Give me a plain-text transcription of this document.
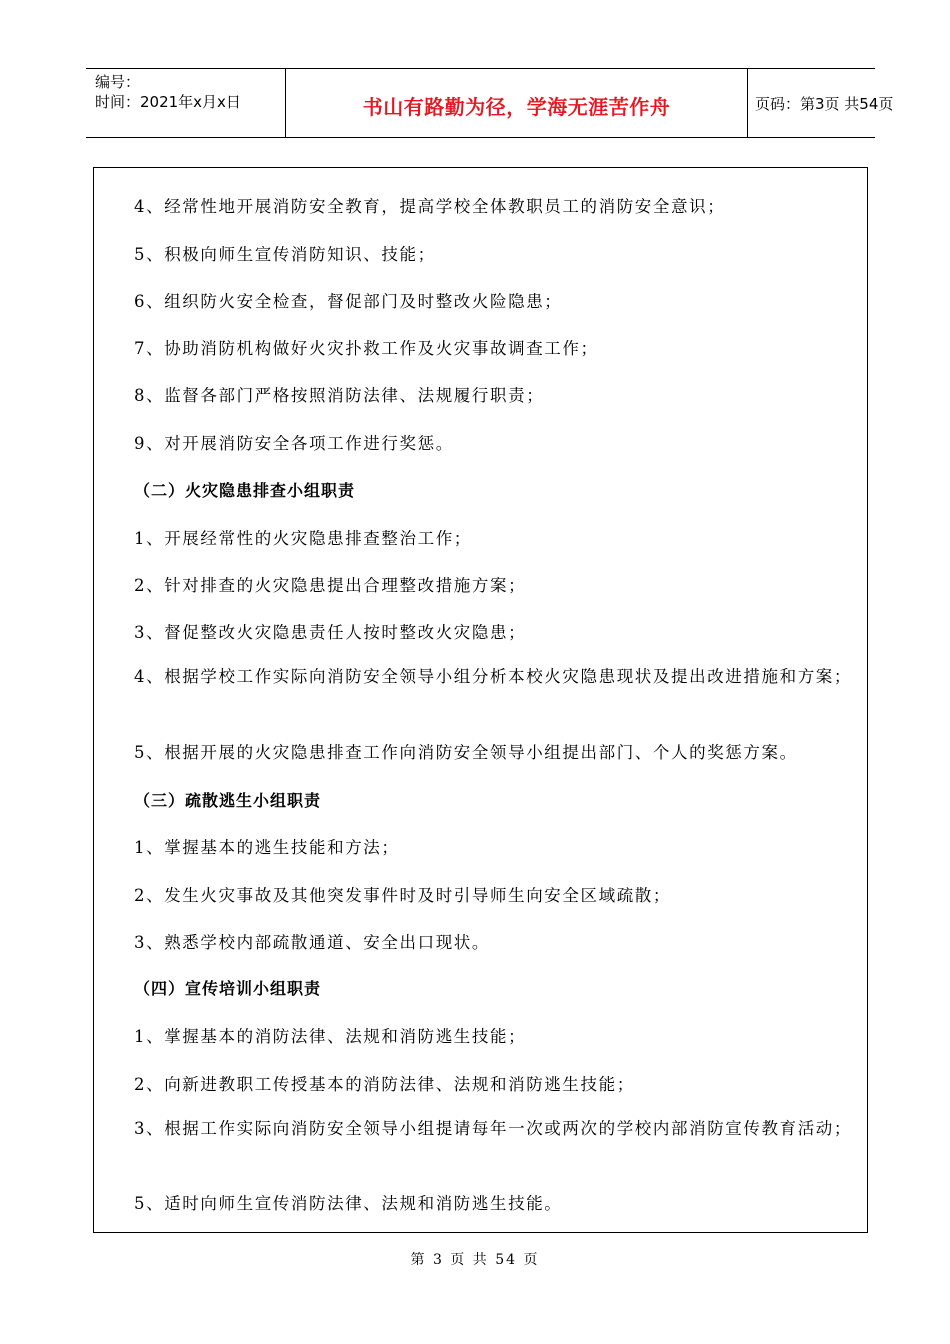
编号：
时间：2021年x月x日	书山有路勤为径，学海无涯苦作舟	页码：第3页 共54页
4、经常性地开展消防安全教育，提高学校全体教职员工的消防安全意识；
5、积极向师生宣传消防知识、技能；
6、组织防火安全检查，督促部门及时整改火险隐患；
7、协助消防机构做好火灾扑救工作及火灾事故调查工作；
8、监督各部门严格按照消防法律、法规履行职责；
9、对开展消防安全各项工作进行奖惩。
（二）火灾隐患排查小组职责
1、开展经常性的火灾隐患排查整治工作；
2、针对排查的火灾隐患提出合理整改措施方案；
3、督促整改火灾隐患责任人按时整改火灾隐患；
4、根据学校工作实际向消防安全领导小组分析本校火灾隐患现状及提出改进措施和方案；
5、根据开展的火灾隐患排查工作向消防安全领导小组提出部门、个人的奖惩方案。
（三）疏散逃生小组职责
1、掌握基本的逃生技能和方法；
2、发生火灾事故及其他突发事件时及时引导师生向安全区域疏散；
3、熟悉学校内部疏散通道、安全出口现状。
（四）宣传培训小组职责
1、掌握基本的消防法律、法规和消防逃生技能；
2、向新进教职工传授基本的消防法律、法规和消防逃生技能；
3、根据工作实际向消防安全领导小组提请每年一次或两次的学校内部消防宣传教育活动；
5、适时向师生宣传消防法律、法规和消防逃生技能。
第 3 页 共 54 页
